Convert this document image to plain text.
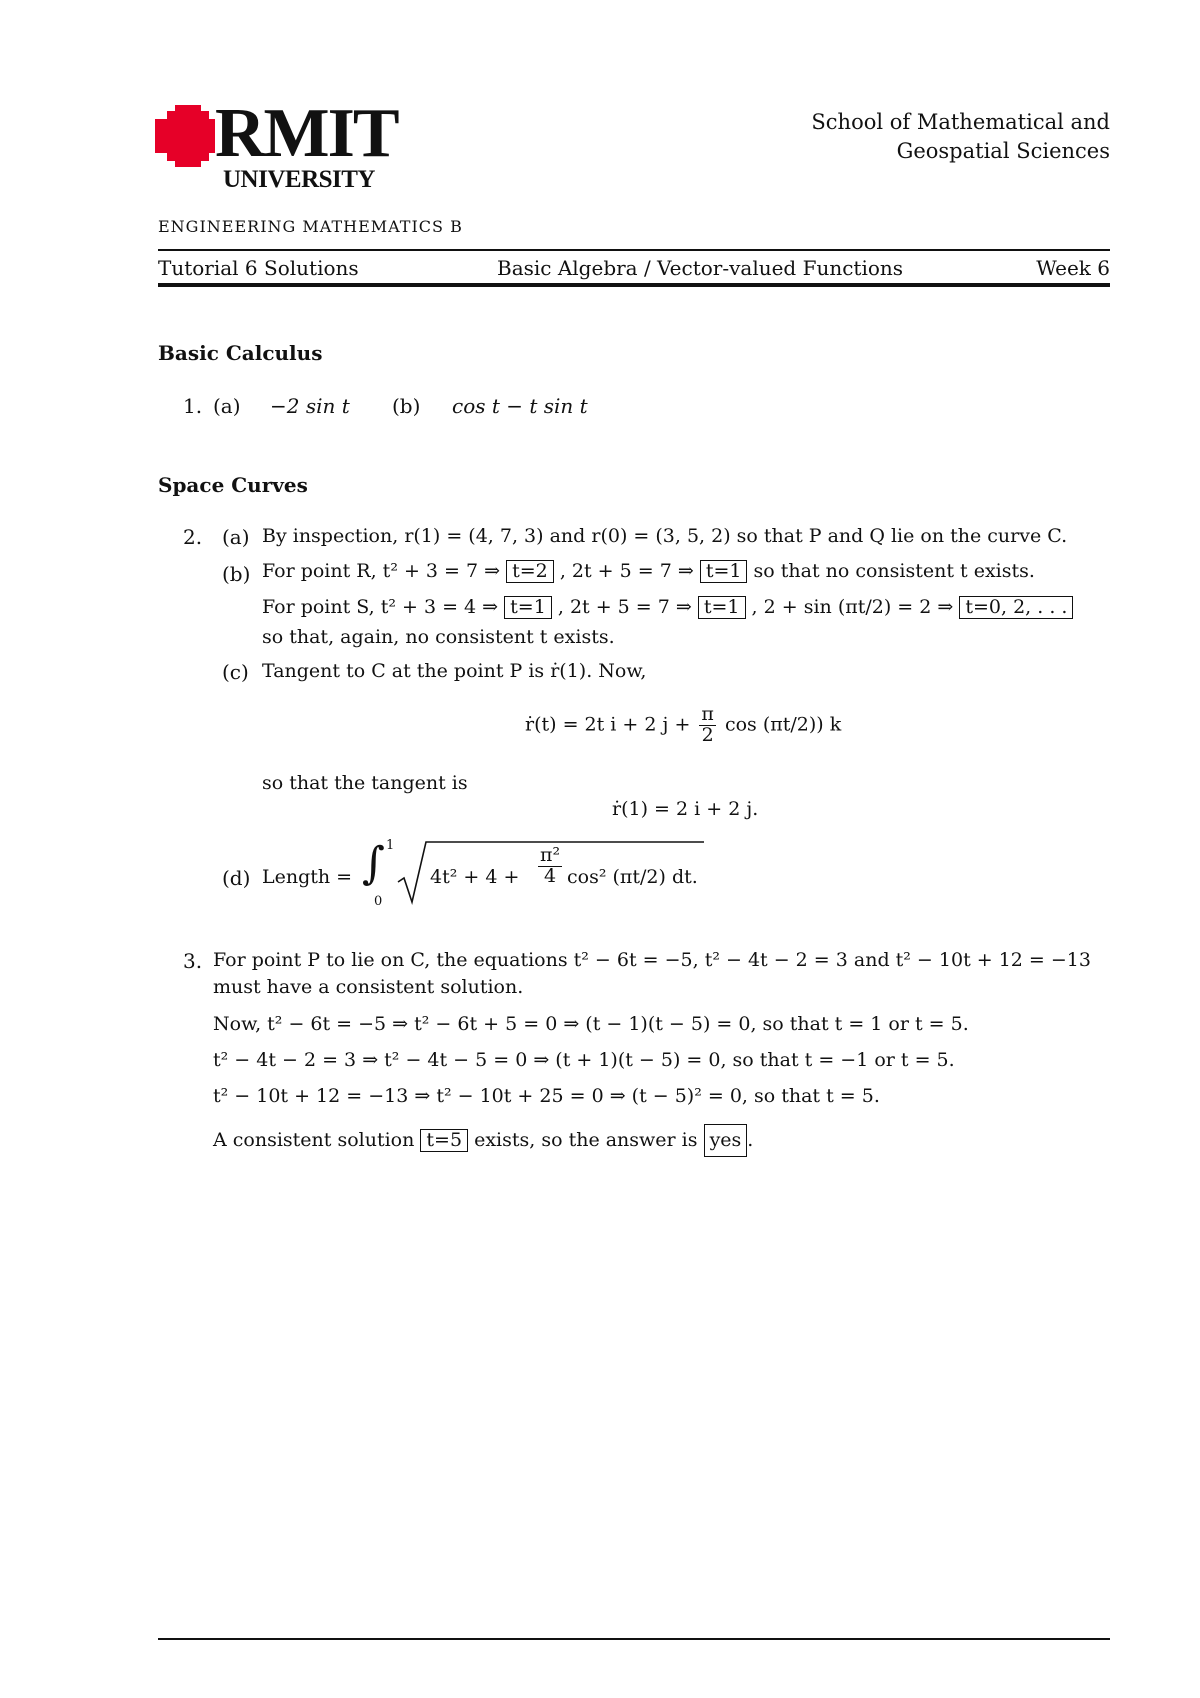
RMIT
UNIVERSITY
School of Mathematical and
Geospatial Sciences
ENGINEERING MATHEMATICS B
Tutorial 6 Solutions	Basic Algebra / Vector-valued Functions	Week 6
Basic Calculus
1. (a) −2 sin t (b) cos t − t sin t
Space Curves
2. (a) By inspection, r(1) = (4, 7, 3) and r(0) = (3, 5, 2) so that P and Q lie on the curve C.
(b) For point R, t² + 3 = 7 ⇒ t=2 , 2t + 5 = 7 ⇒ t=1 so that no consistent t exists.
For point S, t² + 3 = 4 ⇒ t=1 , 2t + 5 = 7 ⇒ t=1 , 2 + sin (πt/2) = 2 ⇒ t=0, 2, . . .
so that, again, no consistent t exists.
(c) Tangent to C at the point P is ṙ(1). Now,
ṙ(t) = 2t i + 2 $j + \frac{\pi}{2}$ cos (πt/2)) k
so that the tangent is
ṙ(1) = 2 i + 2 j.
(d) Length = ∫ 1
0
$4t^2 + 4 + \frac{\text{π²}}{4} \cos^2$ (πt/2) dt.
3. For point P to lie on C, the equations t² − 6t = −5, t² − 4t − 2 = 3 and t² − 10t + 12 = −13
must have a consistent solution.
Now, t² − 6t = −5 ⇒ t² − 6t + 5 = 0 ⇒ (t − 1)(t − 5) = 0, so that t = 1 or t = 5.
t² − 4t − 2 = 3 ⇒ t² − 4t − 5 = 0 ⇒ (t + 1)(t − 5) = 0, so that t = −1 or t = 5.
t² − 10t + 12 = −13 ⇒ t² − 10t + 25 = 0 ⇒ (t − 5)² = 0, so that t = 5.
A consistent solution t=5 exists, so the answer is yes .
